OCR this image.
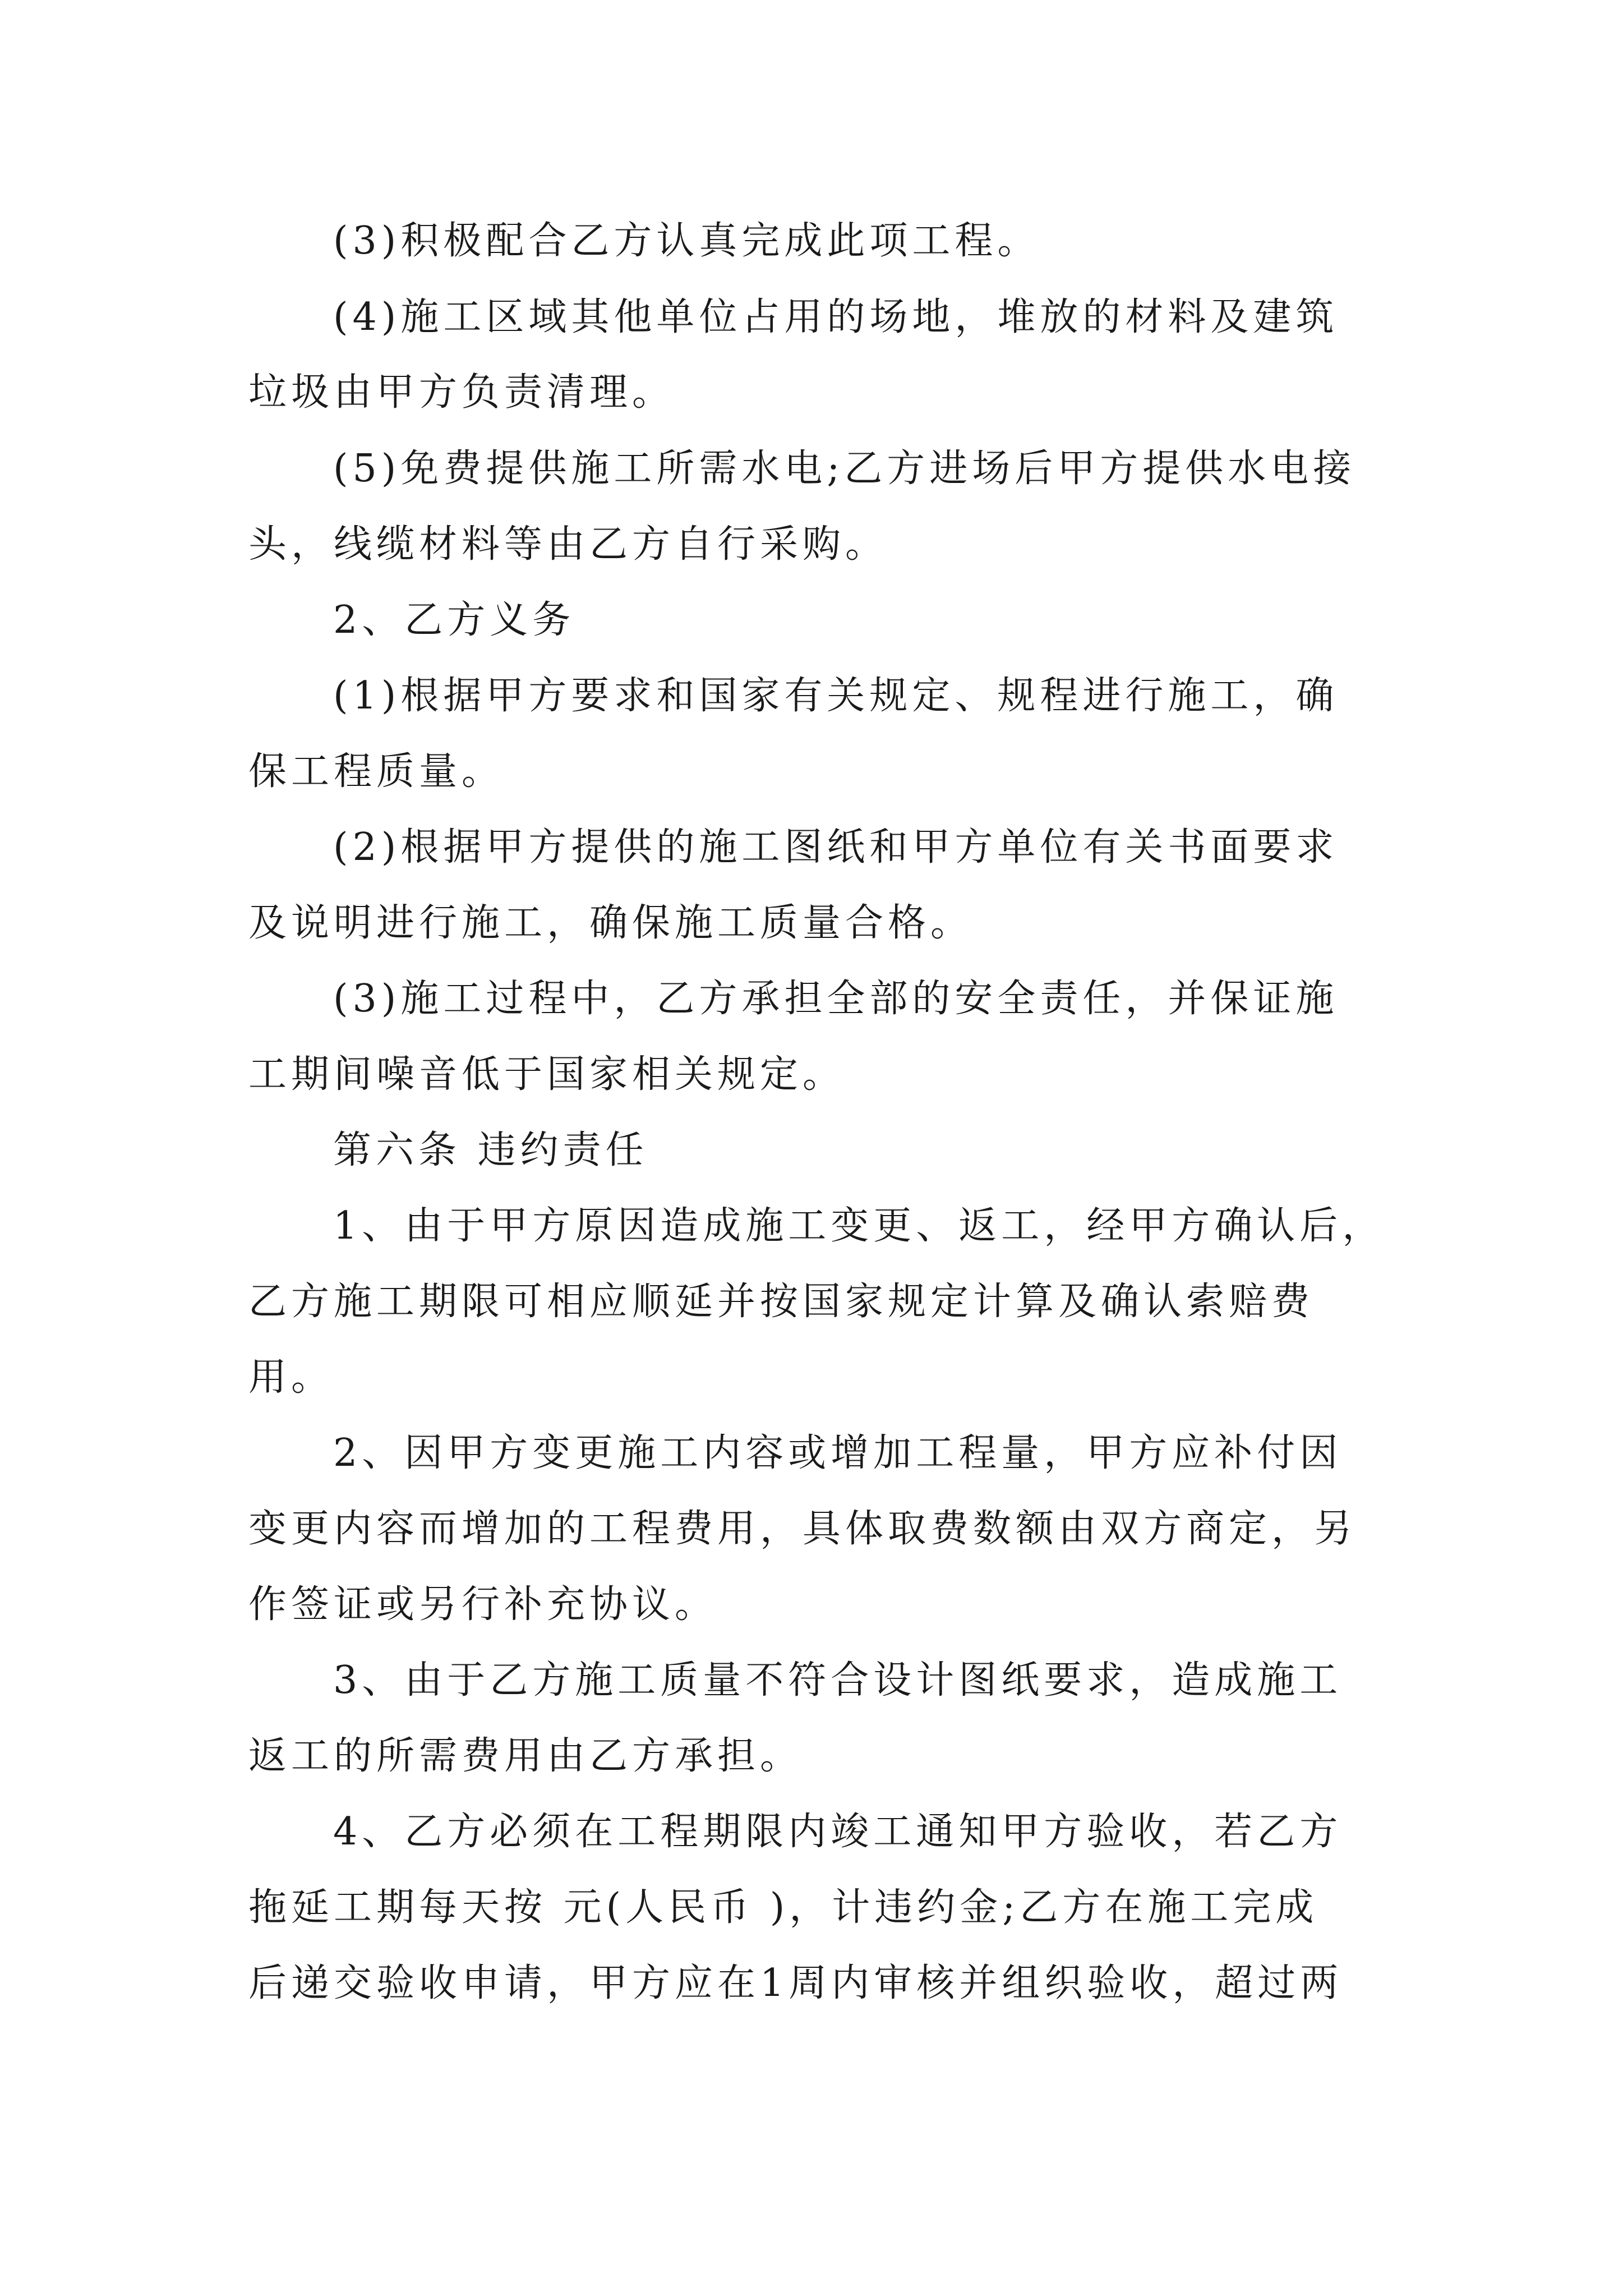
(3)积极配合乙方认真完成此项工程。
(4)施工区域其他单位占用的场地，堆放的材料及建筑
垃圾由甲方负责清理。
(5)免费提供施工所需水电;乙方进场后甲方提供水电接
头，线缆材料等由乙方自行采购。
2、乙方义务
(1)根据甲方要求和国家有关规定、规程进行施工，确
保工程质量。
(2)根据甲方提供的施工图纸和甲方单位有关书面要求
及说明进行施工，确保施工质量合格。
(3)施工过程中，乙方承担全部的安全责任，并保证施
工期间噪音低于国家相关规定。
第六条 违约责任
1、由于甲方原因造成施工变更、返工，经甲方确认后，
乙方施工期限可相应顺延并按国家规定计算及确认索赔费
用。
2、因甲方变更施工内容或增加工程量，甲方应补付因
变更内容而增加的工程费用，具体取费数额由双方商定，另
作签证或另行补充协议。
3、由于乙方施工质量不符合设计图纸要求，造成施工
返工的所需费用由乙方承担。
4、乙方必须在工程期限内竣工通知甲方验收，若乙方
拖延工期每天按 元(人民币 )，计违约金;乙方在施工完成
后递交验收申请，甲方应在1周内审核并组织验收，超过两
